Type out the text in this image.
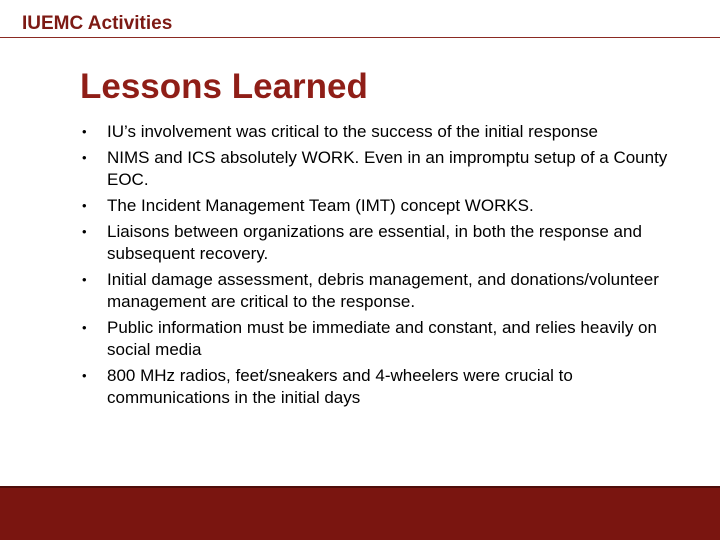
IUEMC Activities
Lessons Learned
•	IU’s involvement was critical to the success of the initial response
•	NIMS and ICS absolutely WORK. Even in an impromptu setup of a County EOC.
•	The Incident Management Team (IMT) concept WORKS.
•	Liaisons between organizations are essential, in both the response and subsequent recovery.
•	Initial damage assessment, debris management, and donations/volunteer management are critical to the response.
•	Public information must be immediate and constant, and relies heavily on social media
•	800 MHz radios, feet/sneakers and 4-wheelers were crucial to communications in the initial days
